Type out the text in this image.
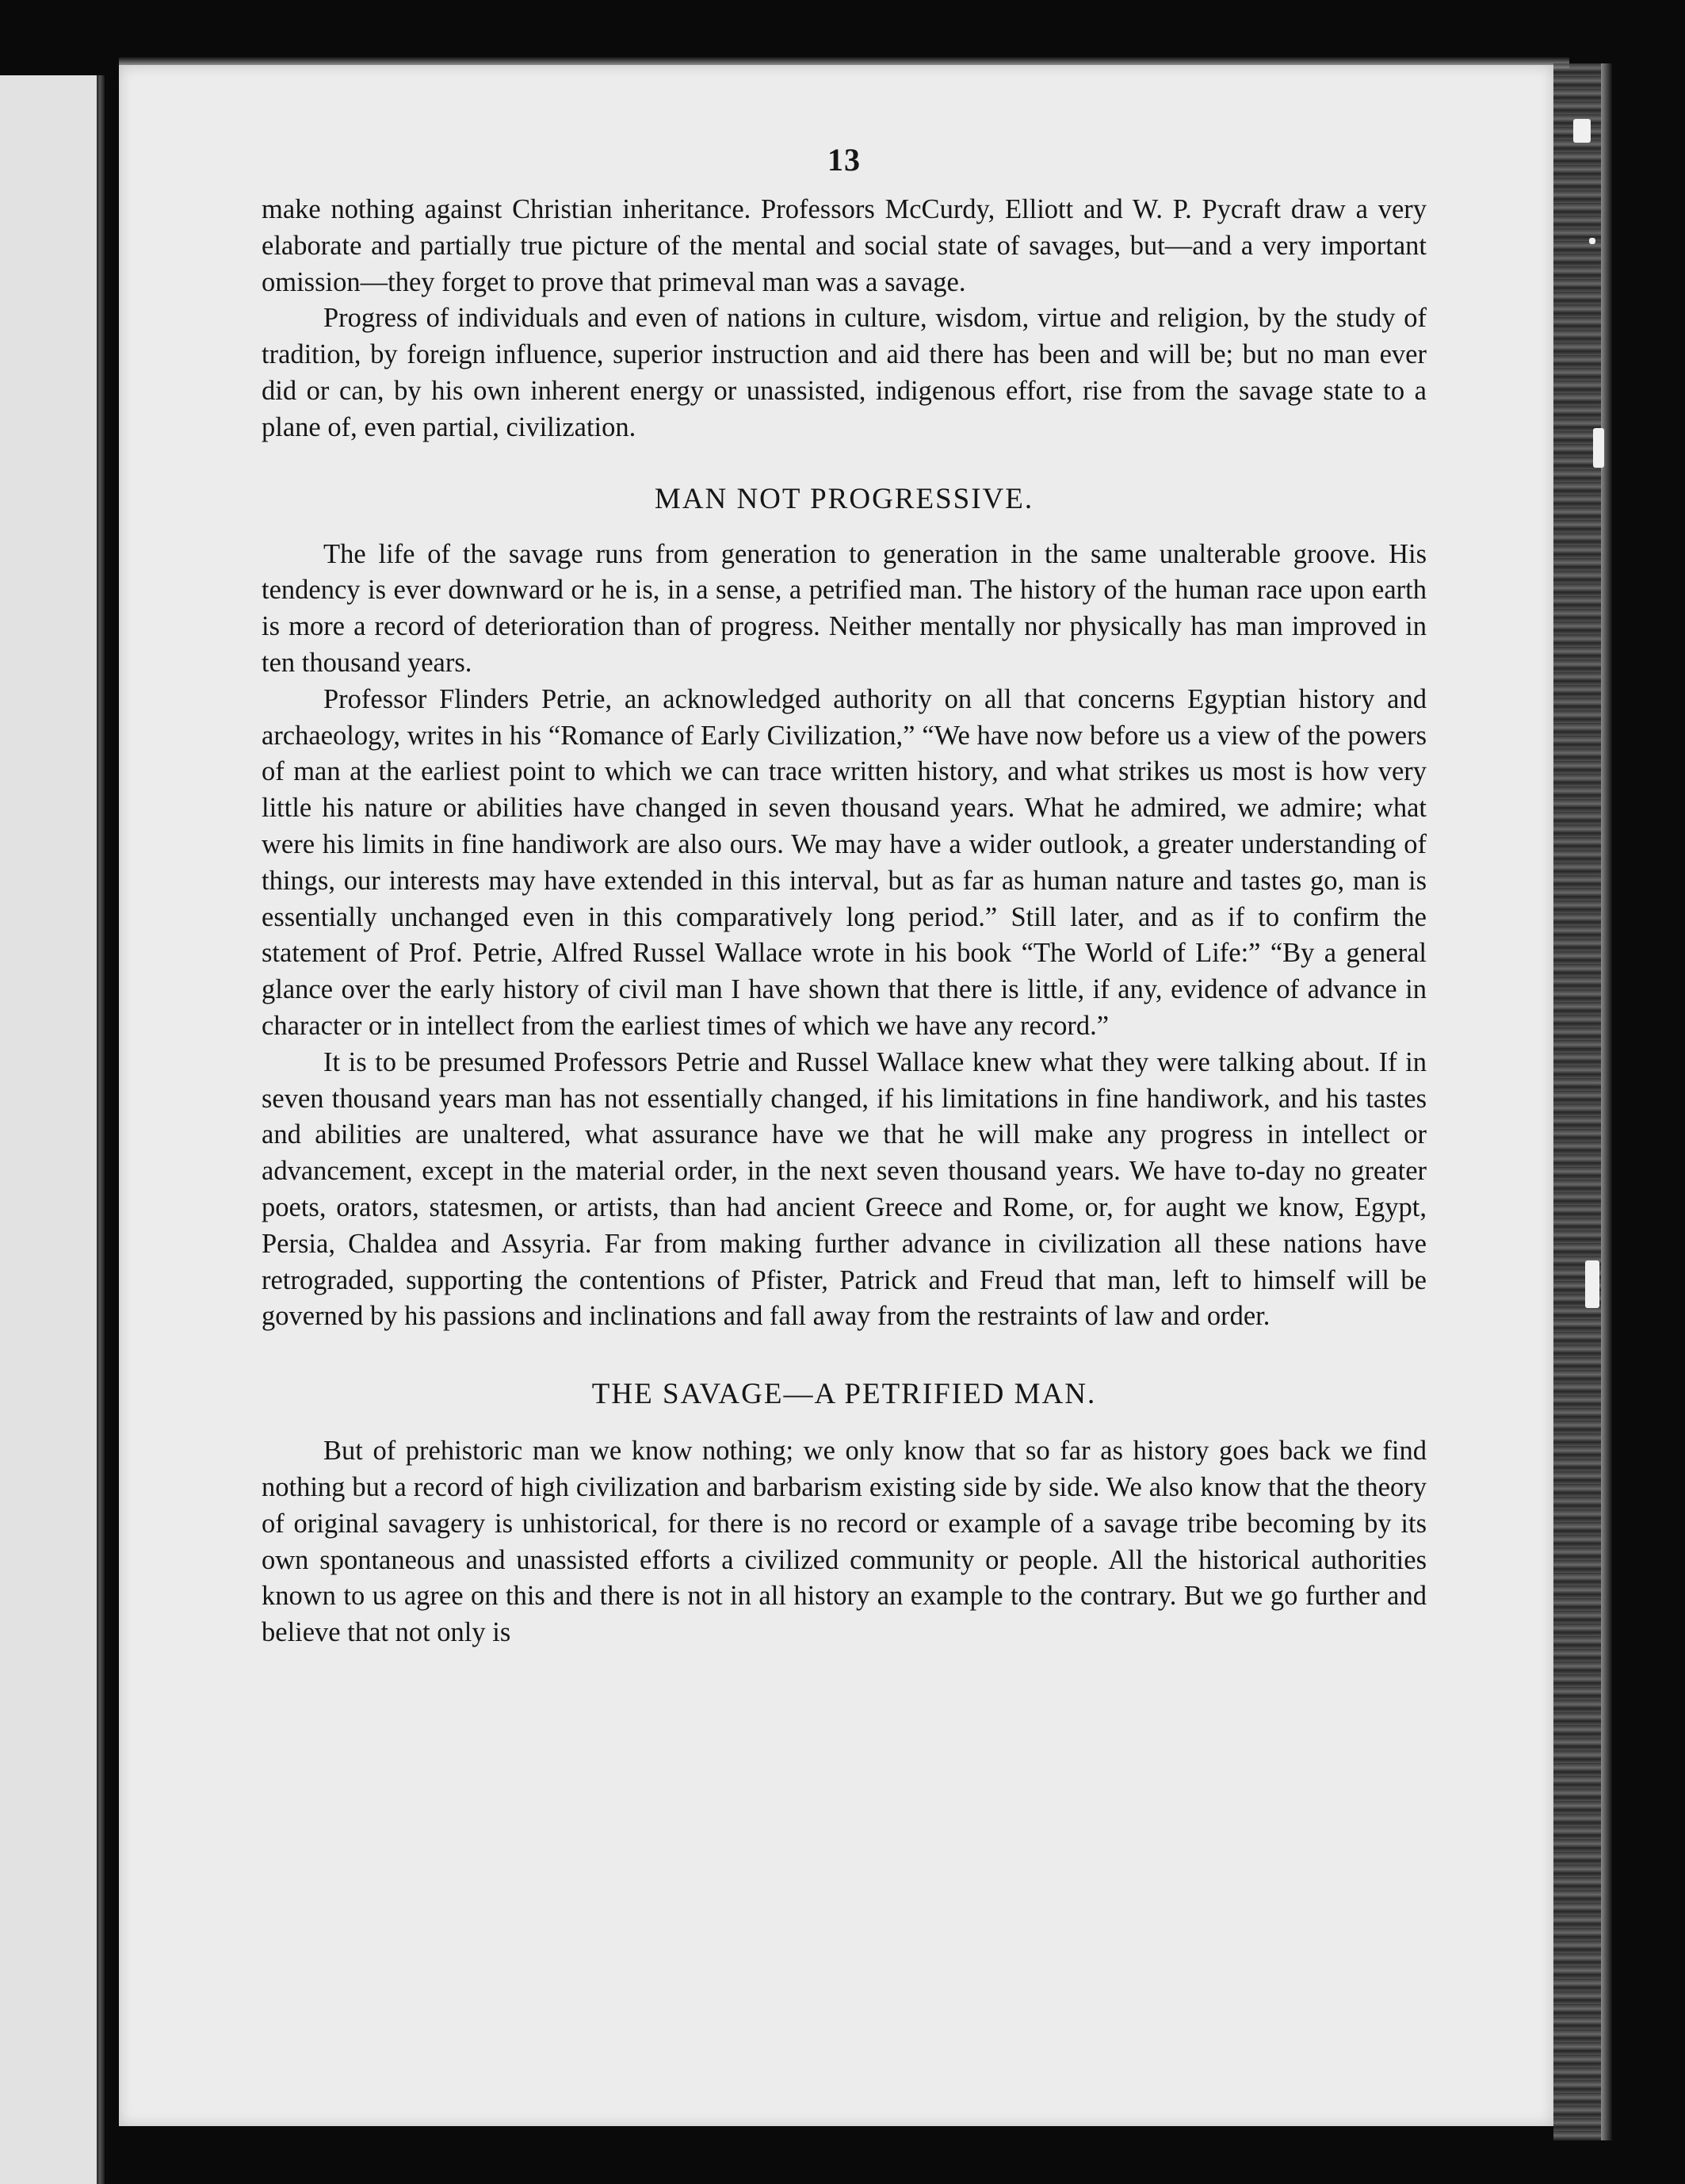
13

make nothing against Christian inheritance. Professors McCurdy, Elliott and W. P. Pycraft draw a very elaborate and partially true picture of the mental and social state of savages, but—and a very important omission—they forget to prove that primeval man was a savage.

Progress of individuals and even of nations in culture, wisdom, virtue and religion, by the study of tradition, by foreign influence, superior instruction and aid there has been and will be; but no man ever did or can, by his own inherent energy or unassisted, indigenous effort, rise from the savage state to a plane of, even partial, civilization.

MAN NOT PROGRESSIVE.

The life of the savage runs from generation to generation in the same unalterable groove. His tendency is ever downward or he is, in a sense, a petrified man. The history of the human race upon earth is more a record of deterioration than of progress. Neither mentally nor physically has man improved in ten thousand years.

Professor Flinders Petrie, an acknowledged authority on all that concerns Egyptian history and archaeology, writes in his “Romance of Early Civilization,” “We have now before us a view of the powers of man at the earliest point to which we can trace written history, and what strikes us most is how very little his nature or abilities have changed in seven thousand years. What he admired, we admire; what were his limits in fine handiwork are also ours. We may have a wider outlook, a greater understanding of things, our interests may have extended in this interval, but as far as human nature and tastes go, man is essentially unchanged even in this comparatively long period.” Still later, and as if to confirm the statement of Prof. Petrie, Alfred Russel Wallace wrote in his book “The World of Life:” “By a general glance over the early history of civil man I have shown that there is little, if any, evidence of advance in character or in intellect from the earliest times of which we have any record.”

It is to be presumed Professors Petrie and Russel Wallace knew what they were talking about. If in seven thousand years man has not essentially changed, if his limitations in fine handiwork, and his tastes and abilities are unaltered, what assurance have we that he will make any progress in intellect or advancement, except in the material order, in the next seven thousand years. We have to-day no greater poets, orators, statesmen, or artists, than had ancient Greece and Rome, or, for aught we know, Egypt, Persia, Chaldea and Assyria. Far from making further advance in civilization all these nations have retrograded, supporting the contentions of Pfister, Patrick and Freud that man, left to himself will be governed by his passions and inclinations and fall away from the restraints of law and order.

THE SAVAGE—A PETRIFIED MAN.

But of prehistoric man we know nothing; we only know that so far as history goes back we find nothing but a record of high civilization and barbarism existing side by side. We also know that the theory of original savagery is unhistorical, for there is no record or example of a savage tribe becoming by its own spontaneous and unassisted efforts a civilized community or people. All the historical authorities known to us agree on this and there is not in all history an example to the contrary. But we go further and believe that not only is
